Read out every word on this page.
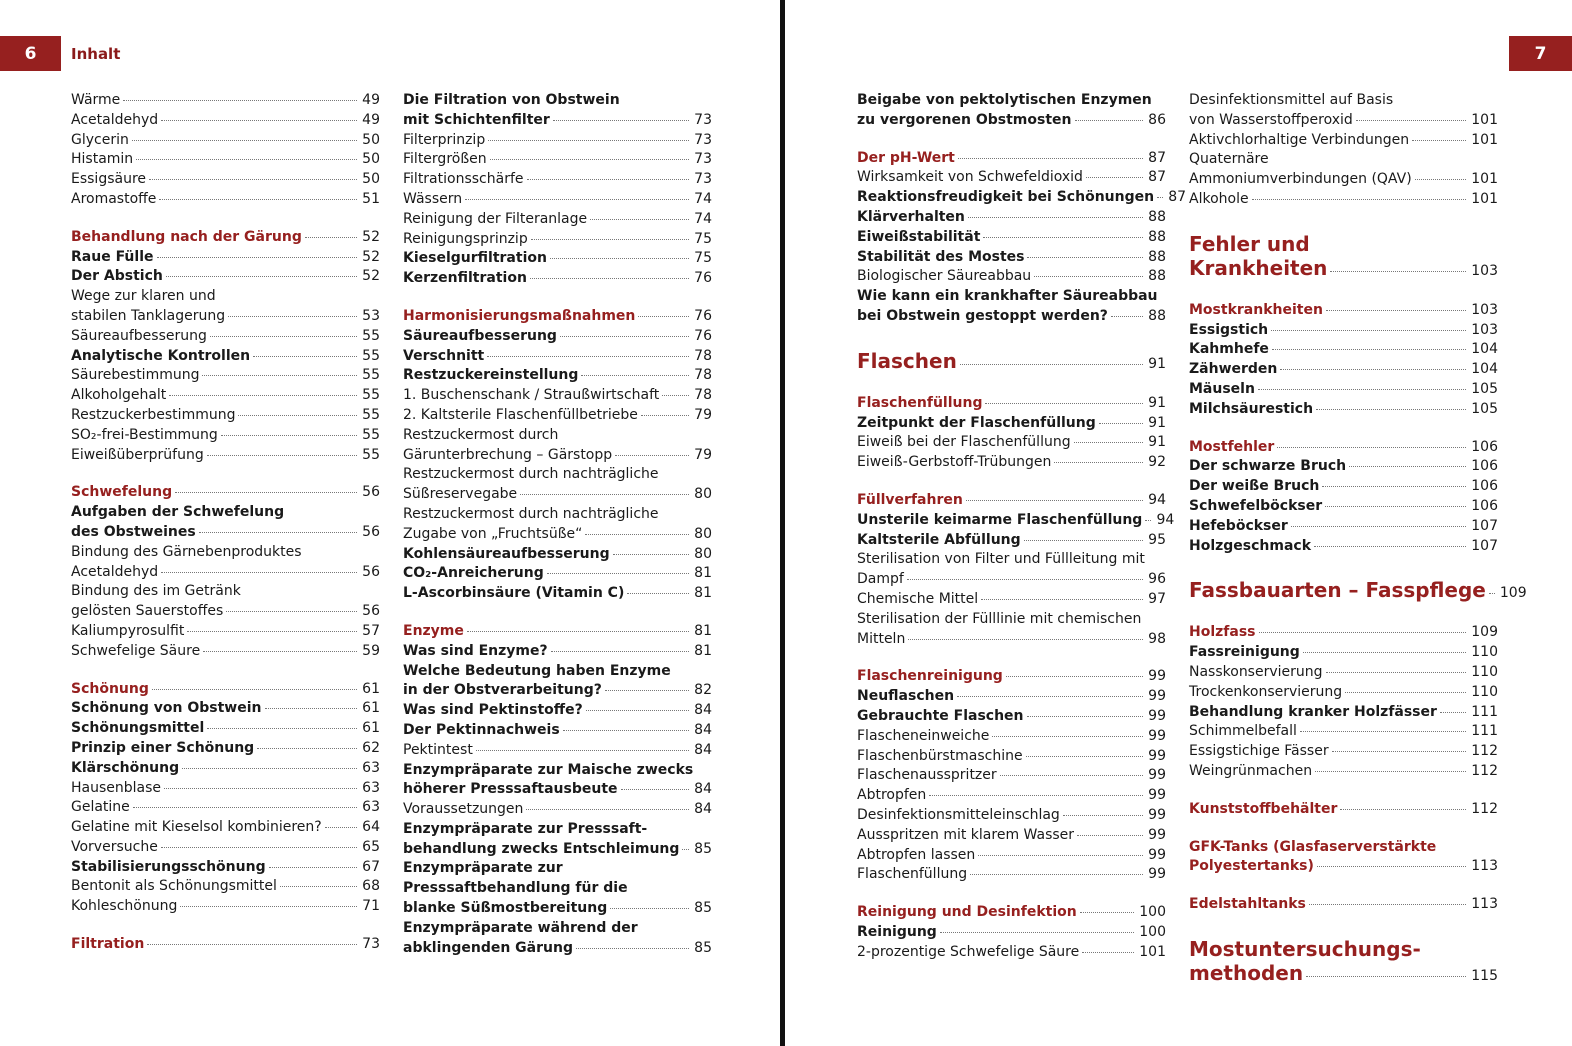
6	7
Inhalt
Wärme	49
Acetaldehyd	49
Glycerin	50
Histamin	50
Essigsäure	50
Aromastoffe	51
Behandlung nach der Gärung	52
Raue Fülle	52
Der Abstich	52
Wege zur klaren und
stabilen Tanklagerung	53
Säureaufbesserung	55
Analytische Kontrollen	55
Säurebestimmung	55
Alkoholgehalt	55
Restzuckerbestimmung	55
SO₂-frei-Bestimmung	55
Eiweißüberprüfung	55
Schwefelung	56
Aufgaben der Schwefelung
des Obstweines	56
Bindung des Gärnebenproduktes
Acetaldehyd	56
Bindung des im Getränk
gelösten Sauerstoffes	56
Kaliumpyrosulfit	57
Schwefelige Säure	59
Schönung	61
Schönung von Obstwein	61
Schönungsmittel	61
Prinzip einer Schönung	62
Klärschönung	63
Hausenblase	63
Gelatine	63
Gelatine mit Kieselsol kombinieren?	64
Vorversuche	65
Stabilisierungsschönung	67
Bentonit als Schönungsmittel	68
Kohleschönung	71
Filtration	73
Die Filtration von Obstwein
mit Schichtenfilter	73
Filterprinzip	73
Filtergrößen	73
Filtrationsschärfe	73
Wässern	74
Reinigung der Filteranlage	74
Reinigungsprinzip	75
Kieselgurfiltration	75
Kerzenfiltration	76
Harmonisierungsmaßnahmen	76
Säureaufbesserung	76
Verschnitt	78
Restzuckereinstellung	78
1. Buschenschank / Straußwirtschaft 78
2. Kaltsterile Flaschenfüllbetriebe	79
Restzuckermost durch
Gärunterbrechung – Gärstopp	79
Restzuckermost durch nachträgliche
Süßreservegabe	80
Restzuckermost durch nachträgliche
Zugabe von „Fruchtsüße“	80
Kohlensäureaufbesserung	80
CO₂-Anreicherung	81
L-Ascorbinsäure (Vitamin C)	81
Enzyme	81
Was sind Enzyme?	81
Welche Bedeutung haben Enzyme
in der Obstverarbeitung?	82
Was sind Pektinstoffe?	84
Der Pektinnachweis	84
Pektintest	84
Enzympräparate zur Maische zwecks
höherer Presssaftausbeute	84
Voraussetzungen	84
Enzympräparate zur Presssaft-
behandlung zwecks Entschleimung 85
Enzympräparate zur
Presssaftbehandlung für die
blanke Süßmostbereitung	85
Enzympräparate während der
abklingenden Gärung	85
Beigabe von pektolytischen Enzymen
zu vergorenen Obstmosten	86
Der pH-Wert	87
Wirksamkeit von Schwefeldioxid	87
Reaktionsfreudigkeit bei Schönungen 87
Klärverhalten	88
Eiweißstabilität	88
Stabilität des Mostes	88
Biologischer Säureabbau	88
Wie kann ein krankhafter Säureabbau
bei Obstwein gestoppt werden?	88
Flaschen	91
Flaschenfüllung	91
Zeitpunkt der Flaschenfüllung	91
Eiweiß bei der Flaschenfüllung	91
Eiweiß-Gerbstoff-Trübungen	92
Füllverfahren	94
Unsterile keimarme Flaschenfüllung 94
Kaltsterile Abfüllung	95
Sterilisation von Filter und Füllleitung mit
Dampf	96
Chemische Mittel	97
Sterilisation der Fülllinie mit chemischen
Mitteln	98
Flaschenreinigung	99
Neuflaschen	99
Gebrauchte Flaschen	99
Flascheneinweiche	99
Flaschenbürstmaschine	99
Flaschenausspritzer	99
Abtropfen	99
Desinfektionsmitteleinschlag	99
Ausspritzen mit klarem Wasser	99
Abtropfen lassen	99
Flaschenfüllung	99
Reinigung und Desinfektion	100
Reinigung	100
2-prozentige Schwefelige Säure	101
Desinfektionsmittel auf Basis
von Wasserstoffperoxid	101
Aktivchlorhaltige Verbindungen	101
Quaternäre
Ammoniumverbindungen (QAV)	101
Alkohole	101
Fehler und
Krankheiten	103
Mostkrankheiten	103
Essigstich	103
Kahmhefe	104
Zähwerden	104
Mäuseln	105
Milchsäurestich	105
Mostfehler	106
Der schwarze Bruch	106
Der weiße Bruch	106
Schwefelböckser	106
Hefeböckser	107
Holzgeschmack	107
Fassbauarten – Fasspflege 109
Holzfass	109
Fassreinigung	110
Nasskonservierung	110
Trockenkonservierung	110
Behandlung kranker Holzfässer 111
Schimmelbefall	111
Essigstichige Fässer	112
Weingrünmachen	112
Kunststoffbehälter	112
GFK-Tanks (Glasfaserverstärkte
Polyestertanks)	113
Edelstahltanks	113
Mostuntersuchungs-
methoden	115
